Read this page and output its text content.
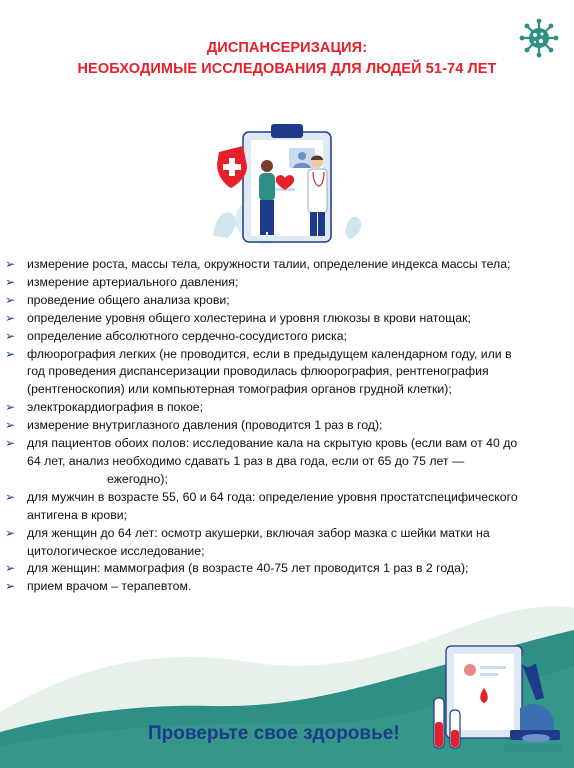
ДИСПАНСЕРИЗАЦИЯ:
НЕОБХОДИМЫЕ ИССЛЕДОВАНИЯ ДЛЯ ЛЮДЕЙ 51-74 ЛЕТ
➢ измерение роста, массы тела, окружности талии, определение индекса массы тела;
➢ измерение артериального давления;
➢ проведение общего анализа крови;
➢ определение уровня общего холестерина и уровня глюкозы в крови натощак;
➢ определение абсолютного сердечно-сосудистого риска;
➢ флюорография легких (не проводится, если в предыдущем календарном году, или в
год проведения диспансеризации проводилась флюорография, рентгенография
(рентгеноскопия) или компьютерная томография органов грудной клетки);
➢ электрокардиография в покое;
➢ измерение внутриглазного давления (проводится 1 раз в год);
➢ для пациентов обоих полов: исследование кала на скрытую кровь (если вам от 40 до
64 лет, анализ необходимо сдавать 1 раз в два года, если от 65 до 75 лет —
ежегодно);
➢ для мужчин в возрасте 55, 60 и 64 года: определение уровня простатспецифического
антигена в крови;
➢ для женщин до 64 лет: осмотр акушерки, включая забор мазка с шейки матки на
цитологическое исследование;
➢ для женщин: маммография (в возрасте 40-75 лет проводится 1 раз в 2 года);
➢ прием врачом – терапевтом.
Проверьте свое здоровье!
